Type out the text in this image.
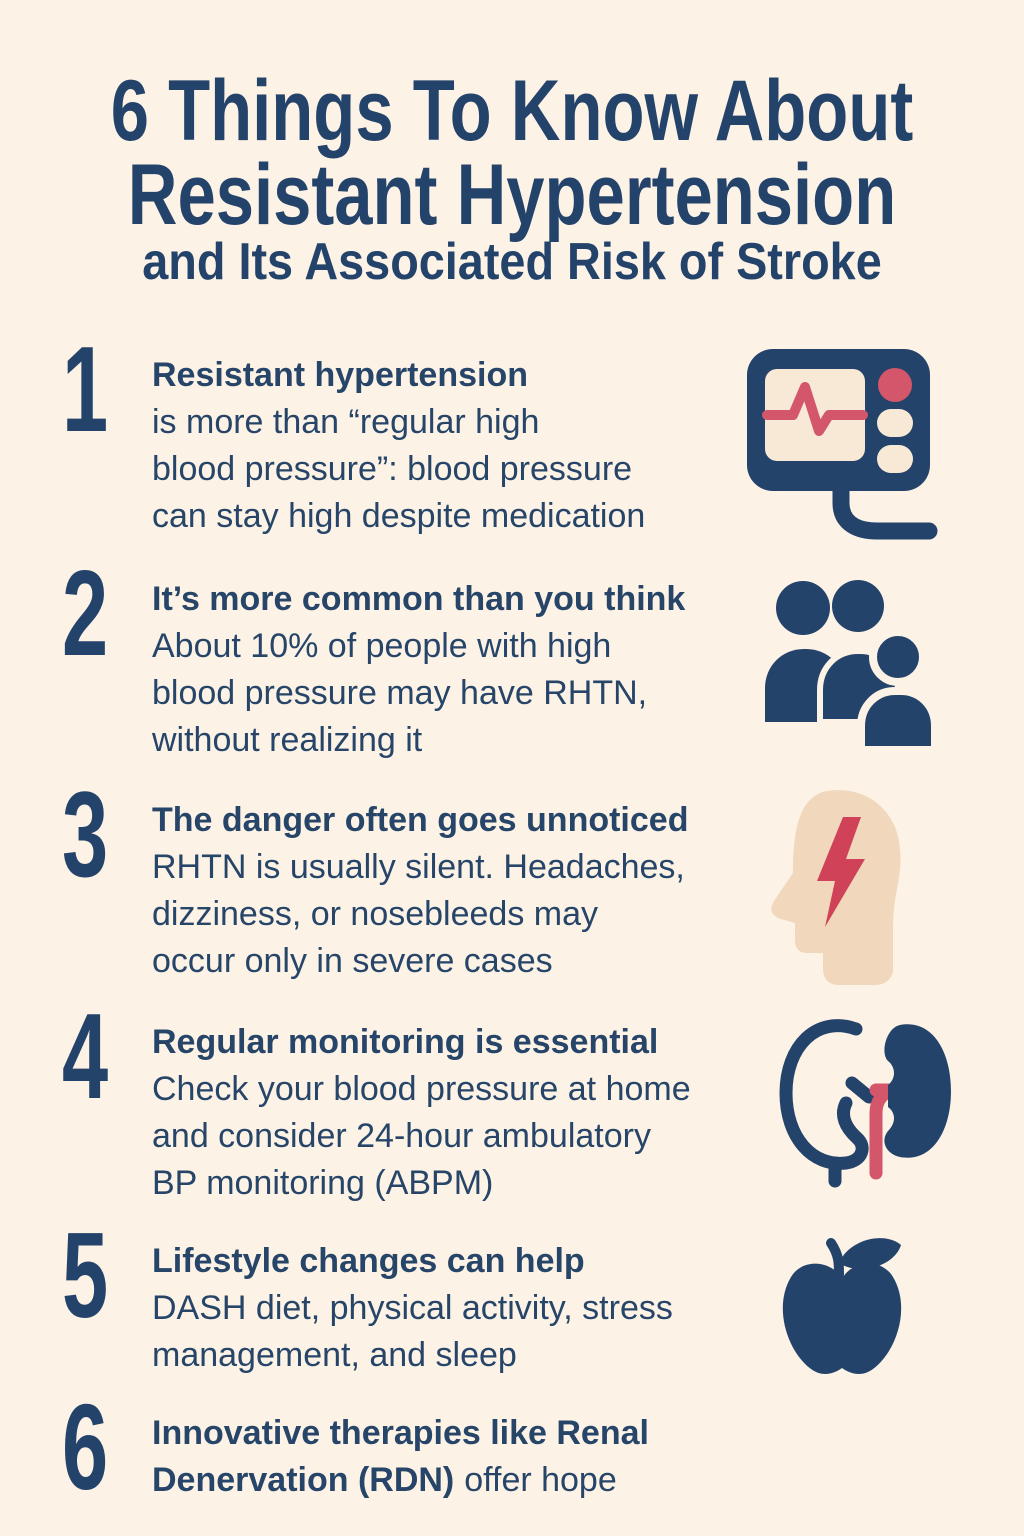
6 Things To Know About
Resistant Hypertension
and Its Associated Risk of Stroke
1 Resistant hypertension
is more than “regular high
blood pressure”: blood pressure
can stay high despite medication
2 It’s more common than you think
About 10% of people with high
blood pressure may have RHTN,
without realizing it
3 The danger often goes unnoticed
RHTN is usually silent. Headaches,
dizziness, or nosebleeds may
occur only in severe cases
4 Regular monitoring is essential
Check your blood pressure at home
and consider 24-hour ambulatory
BP monitoring (ABPM)
5 Lifestyle changes can help
DASH diet, physical activity, stress
management, and sleep
6 Innovative therapies like Renal
Denervation (RDN) offer hope
